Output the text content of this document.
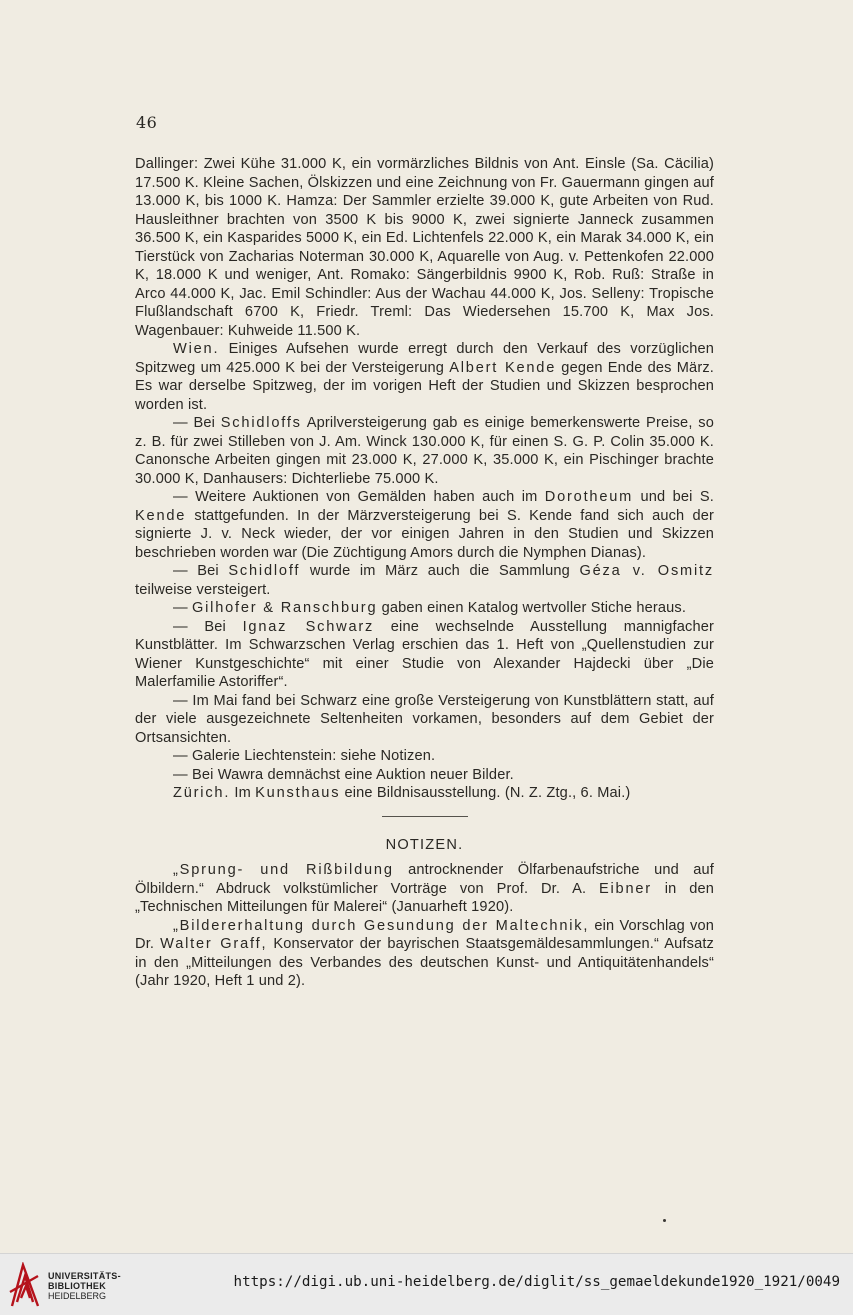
46

Dallinger: Zwei Kühe 31.000 K, ein vormärzliches Bildnis von Ant. Einsle (Sa. Cäcilia) 17.500 K. Kleine Sachen, Ölskizzen und eine Zeichnung von Fr. Gauermann gingen auf 13.000 K, bis 1000 K. Hamza: Der Sammler erzielte 39.000 K, gute Arbeiten von Rud. Hausleithner brachten von 3500 K bis 9000 K, zwei signierte Janneck zusammen 36.500 K, ein Kasparides 5000 K, ein Ed. Lichtenfels 22.000 K, ein Marak 34.000 K, ein Tierstück von Zacharias Noterman 30.000 K, Aquarelle von Aug. v. Pettenkofen 22.000 K, 18.000 K und weniger, Ant. Romako: Sängerbildnis 9900 K, Rob. Ruß: Straße in Arco 44.000 K, Jac. Emil Schindler: Aus der Wachau 44.000 K, Jos. Selleny: Tropische Flußlandschaft 6700 K, Friedr. Treml: Das Wiedersehen 15.700 K, Max Jos. Wagenbauer: Kuhweide 11.500 K.

Wien. Einiges Aufsehen wurde erregt durch den Verkauf des vorzüglichen Spitzweg um 425.000 K bei der Versteigerung Albert Kende gegen Ende des März. Es war derselbe Spitzweg, der im vorigen Heft der Studien und Skizzen besprochen worden ist.

— Bei Schidloffs Aprilversteigerung gab es einige bemerkenswerte Preise, so z. B. für zwei Stilleben von J. Am. Winck 130.000 K, für einen S. G. P. Colin 35.000 K. Canonsche Arbeiten gingen mit 23.000 K, 27.000 K, 35.000 K, ein Pischinger brachte 30.000 K, Danhausers: Dichterliebe 75.000 K.

— Weitere Auktionen von Gemälden haben auch im Dorotheum und bei S. Kende stattgefunden. In der Märzversteigerung bei S. Kende fand sich auch der signierte J. v. Neck wieder, der vor einigen Jahren in den Studien und Skizzen beschrieben worden war (Die Züchtigung Amors durch die Nymphen Dianas).

— Bei Schidloff wurde im März auch die Sammlung Géza v. Osmitz teilweise versteigert.

— Gilhofer & Ranschburg gaben einen Katalog wertvoller Stiche heraus.

— Bei Ignaz Schwarz eine wechselnde Ausstellung mannigfacher Kunstblätter. Im Schwarzschen Verlag erschien das 1. Heft von „Quellenstudien zur Wiener Kunstgeschichte“ mit einer Studie von Alexander Hajdecki über „Die Malerfamilie Astoriffer“.

— Im Mai fand bei Schwarz eine große Versteigerung von Kunstblättern statt, auf der viele ausgezeichnete Seltenheiten vorkamen, besonders auf dem Gebiet der Ortsansichten.

— Galerie Liechtenstein: siehe Notizen.

— Bei Wawra demnächst eine Auktion neuer Bilder.

Zürich. Im Kunsthaus eine Bildnisausstellung. (N. Z. Ztg., 6. Mai.)

NOTIZEN.

„Sprung- und Rißbildung antrocknender Ölfarbenaufstriche und auf Ölbildern.“ Abdruck volkstümlicher Vorträge von Prof. Dr. A. Eibner in den „Technischen Mitteilungen für Malerei“ (Januarheft 1920).

„Bildererhaltung durch Gesundung der Maltechnik, ein Vorschlag von Dr. Walter Graff, Konservator der bayrischen Staatsgemäldesammlungen.“ Aufsatz in den „Mitteilungen des Verbandes des deutschen Kunst- und Antiquitätenhandels“ (Jahr 1920, Heft 1 und 2).

UNIVERSITÄTS-
BIBLIOTHEK
HEIDELBERG
https://digi.ub.uni-heidelberg.de/diglit/ss_gemaeldekunde1920_1921/0049
